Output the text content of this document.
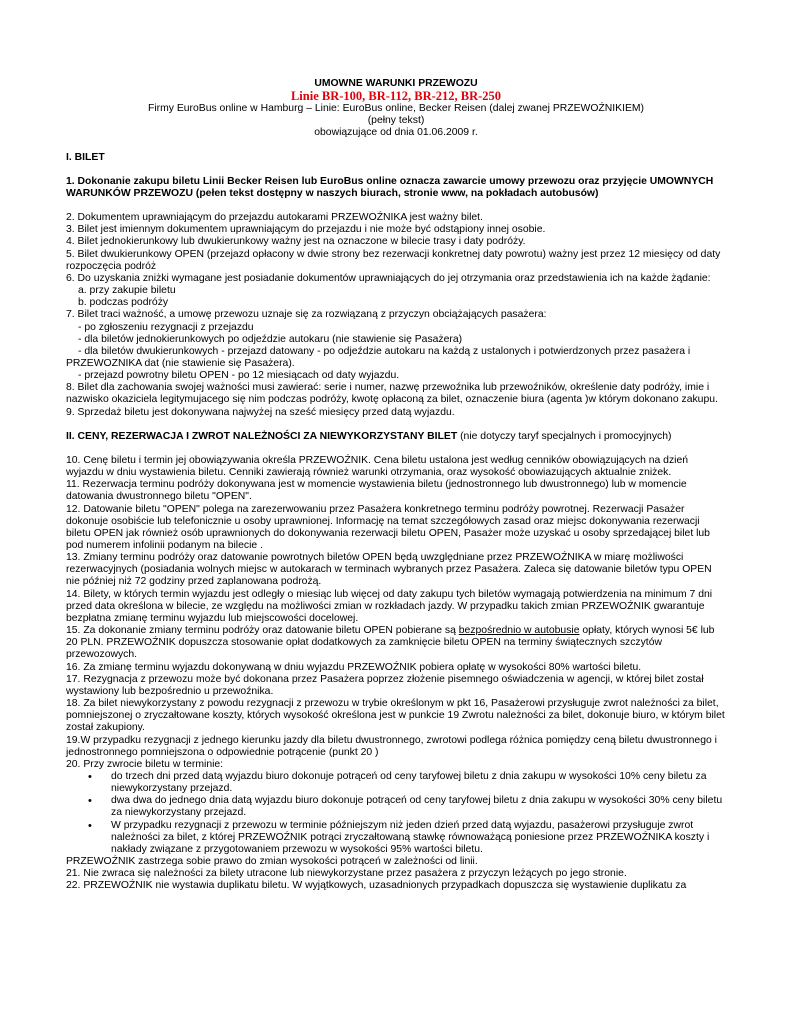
UMOWNE WARUNKI PRZEWOZU
Linie BR-100, BR-112, BR-212, BR-250
Firmy EuroBus online w Hamburg – Linie: EuroBus online, Becker Reisen (dalej zwanej PRZEWOŹNIKIEM)
(pełny tekst)
obowiązujące od dnia 01.06.2009 r.
I. BILET
1. Dokonanie zakupu biletu Linii Becker Reisen lub EuroBus online oznacza zawarcie umowy przewozu oraz przyjęcie UMOWNYCH WARUNKÓW PRZEWOZU (pełen tekst dostępny w naszych biurach, stronie www, na pokładach autobusów)
2. Dokumentem uprawniającym do przejazdu autokarami PRZEWOŹNIKA jest ważny bilet.
3. Bilet jest imiennym dokumentem uprawniającym do przejazdu i nie może być odstąpiony innej osobie.
4. Bilet jednokierunkowy lub dwukierunkowy ważny jest na oznaczone w bilecie trasy i daty podróży.
5. Bilet dwukierunkowy OPEN (przejazd opłacony w dwie strony bez rezerwacji konkretnej daty powrotu) ważny jest przez 12 miesięcy od daty rozpoczęcia podróż
6. Do uzyskania zniżki wymagane jest posiadanie dokumentów uprawniających do jej otrzymania oraz przedstawienia ich na każde żądanie:
a. przy zakupie biletu
b. podczas podróży
7. Bilet traci ważność, a umowę przewozu uznaje się za rozwiązaną z przyczyn obciążających pasażera:
- po zgłoszeniu rezygnacji z przejazdu
- dla biletów jednokierunkowych po odjeździe autokaru (nie stawienie się Pasażera)
- dla biletów dwukierunkowych - przejazd datowany - po odjeździe autokaru na każdą z ustalonych i potwierdzonych przez pasażera i PRZEWOZNIKA dat (nie stawienie się Pasażera).
- przejazd powrotny biletu OPEN - po 12 miesiącach od daty wyjazdu.
8. Bilet dla zachowania swojej ważności musi zawierać: serie i numer, nazwę przewoźnika lub przewoźników, określenie daty podróży, imie i nazwisko okaziciela legitymujacego się nim podczas podróży, kwotę opłaconą za bilet, oznaczenie biura (agenta )w którym dokonano zakupu.
9. Sprzedaż biletu jest dokonywana najwyżej na sześć miesięcy przed datą wyjazdu.
II. CENY, REZERWACJA I ZWROT NALEŻNOŚCI ZA NIEWYKORZYSTANY BILET (nie dotyczy taryf specjalnych i promocyjnych)
10. Cenę biletu i termin jej obowiązywania określa PRZEWOŹNIK. Cena biletu ustalona jest według cenników obowiązujących na dzień wyjazdu w dniu wystawienia biletu. Cenniki zawierają również warunki otrzymania, oraz wysokość obowiazujących aktualnie zniżek.
11. Rezerwacja terminu podróży dokonywana jest w momencie wystawienia biletu (jednostronnego lub dwustronnego) lub w momencie datowania dwustronnego biletu "OPEN".
12. Datowanie biletu "OPEN" polega na zarezerwowaniu przez Pasażera konkretnego terminu podróży powrotnej. Rezerwacji Pasażer dokonuje osobiście lub telefonicznie u osoby uprawnionej. Informację na temat szczegółowych zasad oraz miejsc dokonywania rezerwacji biletu OPEN jak również osób uprawnionych do dokonywania rezerwacji biletu OPEN, Pasażer może uzyskać u osoby sprzedającej bilet lub pod numerem infolinii podanym na bilecie .
13. Zmiany terminu podróży oraz datowanie powrotnych biletów OPEN będą uwzględniane przez PRZEWOŹNIKA w miarę możliwości rezerwacyjnych (posiadania wolnych miejsc w autokarach w terminach wybranych przez Pasażera. Zaleca się datowanie biletów typu OPEN nie później niż 72 godziny przed zaplanowana podrożą.
14. Bilety, w których termin wyjazdu jest odległy o miesiąc lub więcej od daty zakupu tych biletów wymagają potwierdzenia na minimum 7 dni przed data określona w bilecie, ze względu na możliwości zmian w rozkładach jazdy. W przypadku takich zmian PRZEWOŹNIK gwarantuje bezpłatna zmianę terminu wyjazdu lub miejscowości docelowej.
15. Za dokonanie zmiany terminu podróży oraz datowanie biletu OPEN pobierane są bezpośrednio w autobusie opłaty, których wynosi 5€ lub 20 PLN. PRZEWOŹNIK dopuszcza stosowanie opłat dodatkowych za zamknięcie biletu OPEN na terminy świątecznych szczytów przewozowych.
16. Za zmianę terminu wyjazdu dokonywaną w dniu wyjazdu PRZEWOŹNIK pobiera opłatę w wysokości 80% wartości biletu.
17. Rezygnacja z przewozu może być dokonana przez Pasażera poprzez złożenie pisemnego oświadczenia w agencji, w której bilet został wystawiony lub bezpośrednio u przewoźnika.
18. Za bilet niewykorzystany z powodu rezygnacji z przewozu w trybie określonym w pkt 16, Pasażerowi przysługuje zwrot należności za bilet, pomniejszonej o zryczałtowane koszty, których wysokość określona jest w punkcie 19 Zwrotu należności za bilet, dokonuje biuro, w którym bilet został zakupiony.
19.W przypadku rezygnacji z jednego kierunku jazdy dla biletu dwustronnego, zwrotowi podlega różnica pomiędzy ceną biletu dwustronnego i jednostronnego pomniejszona o odpowiednie potrącenie (punkt 20 )
20. Przy zwrocie biletu w terminie:
• do trzech dni przed datą wyjazdu biuro dokonuje potrąceń od ceny taryfowej biletu z dnia zakupu w wysokości 10% ceny biletu za niewykorzystany przejazd.
• dwa dwa do jednego dnia datą wyjazdu biuro dokonuje potrąceń od ceny taryfowej biletu z dnia zakupu w wysokości 30% ceny biletu za niewykorzystany przejazd.
• W przypadku rezygnacji z przewozu w terminie późniejszym niż jeden dzień przed datą wyjazdu, pasażerowi przysługuje zwrot należności za bilet, z której PRZEWOŹNIK potrąci zryczałtowaną stawkę równoważącą poniesione przez PRZEWOŹNIKA koszty i nakłady związane z przygotowaniem przewozu w wysokości 95% wartości biletu.
PRZEWOŹNIK zastrzega sobie prawo do zmian wysokości potrąceń w zależności od linii.
21. Nie zwraca się należności za bilety utracone lub niewykorzystane przez pasażera z przyczyn leżących po jego stronie.
22. PRZEWOŹNIK nie wystawia duplikatu biletu. W wyjątkowych, uzasadnionych przypadkach dopuszcza się wystawienie duplikatu za
